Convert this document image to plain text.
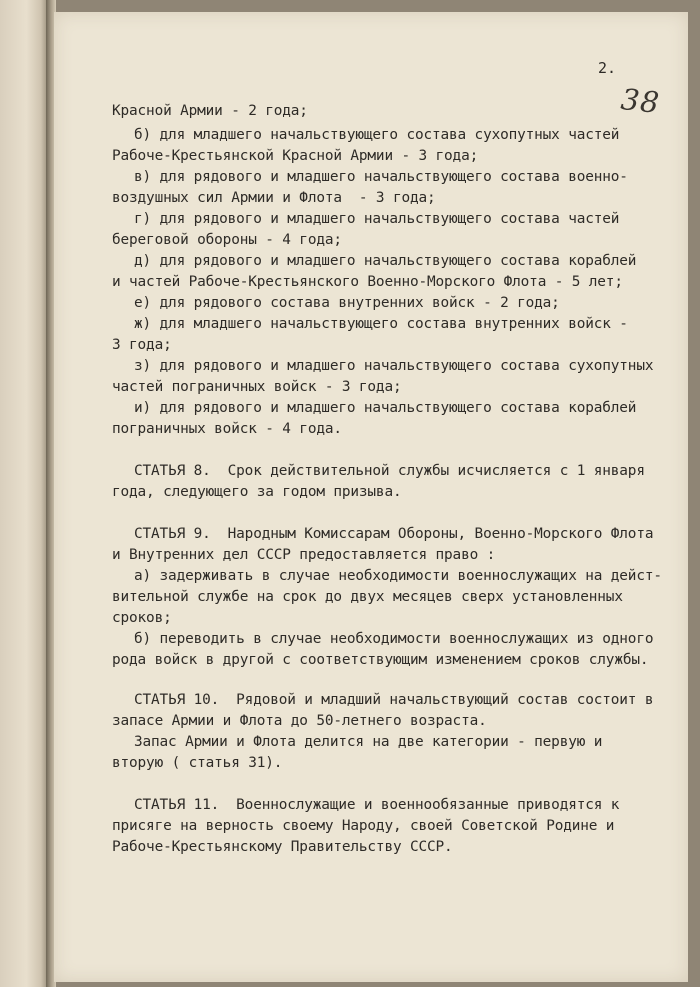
2.
38
Красной Армии - 2 года;
б) для младшего начальствующего состава сухопутных частей
Рабоче-Крестьянской Красной Армии - 3 года;
в) для рядового и младшего начальствующего состава военно-
воздушных сил Армии и Флота  - 3 года;
г) для рядового и младшего начальствующего состава частей
береговой обороны - 4 года;
д) для рядового и младшего начальствующего состава кораблей
и частей Рабоче-Крестьянского Военно-Морского Флота - 5 лет;
е) для рядового состава внутренних войск - 2 года;
ж) для младшего начальствующего состава внутренних войск -
3 года;
з) для рядового и младшего начальствующего состава сухопутных
частей пограничных войск - 3 года;
и) для рядового и младшего начальствующего состава кораблей
пограничных войск - 4 года.
СТАТЬЯ 8.  Срок действительной службы исчисляется с 1 января
года, следующего за годом призыва.
СТАТЬЯ 9.  Народным Комиссарам Обороны, Военно-Морского Флота
и Внутренних дел СССР предоставляется право :
а) задерживать в случае необходимости военнослужащих на дейст-
вительной службе на срок до двух месяцев сверх установленных
сроков;
б) переводить в случае необходимости военнослужащих из одного
рода войск в другой с соответствующим изменением сроков службы.
СТАТЬЯ 10.  Рядовой и младший начальствующий состав состоит в
запасе Армии и Флота до 50-летнего возраста.
Запас Армии и Флота делится на две категории - первую и
вторую ( статья 31).
СТАТЬЯ 11.  Военнослужащие и военнообязанные приводятся к
присяге на верность своему Народу, своей Советской Родине и
Рабоче-Крестьянскому Правительству СССР.
